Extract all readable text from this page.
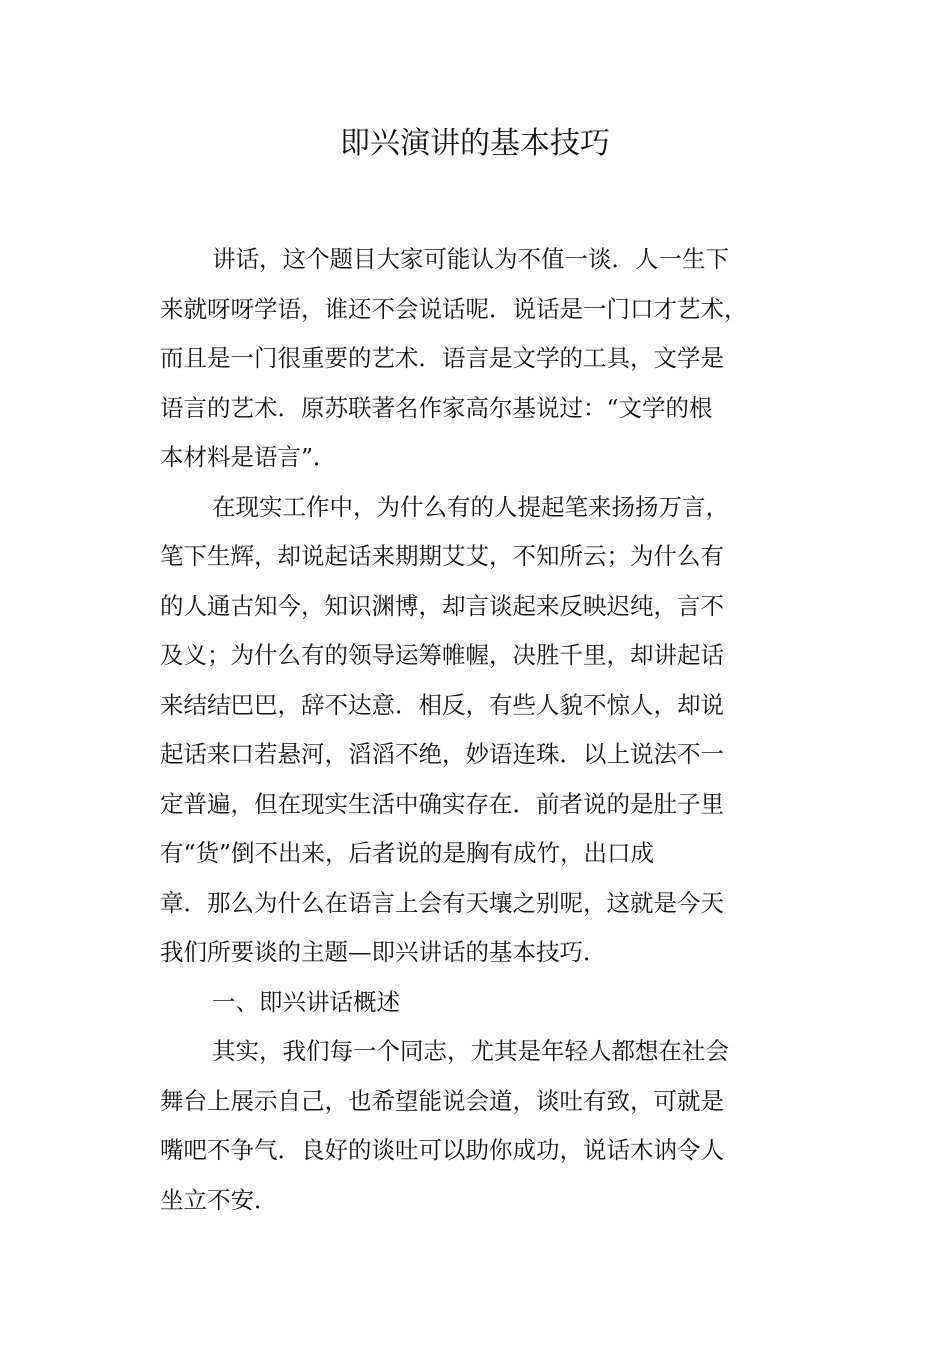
即兴演讲的基本技巧
讲话，这个题目大家可能认为不值一谈．人一生下
来就呀呀学语，谁还不会说话呢．说话是一门口才艺术，
而且是一门很重要的艺术．语言是文学的工具，文学是
语言的艺术．原苏联著名作家高尔基说过：“文学的根
本材料是语言”．
在现实工作中，为什么有的人提起笔来扬扬万言，
笔下生辉，却说起话来期期艾艾，不知所云；为什么有
的人通古知今，知识渊博，却言谈起来反映迟纯，言不
及义；为什么有的领导运筹帷幄，决胜千里，却讲起话
来结结巴巴，辞不达意．相反，有些人貌不惊人，却说
起话来口若悬河，滔滔不绝，妙语连珠．以上说法不一
定普遍，但在现实生活中确实存在．前者说的是肚子里
有“货”倒不出来，后者说的是胸有成竹，出口成
章．那么为什么在语言上会有天壤之别呢，这就是今天
我们所要谈的主题—即兴讲话的基本技巧．
一、即兴讲话概述
其实，我们每一个同志，尤其是年轻人都想在社会
舞台上展示自己，也希望能说会道，谈吐有致，可就是
嘴吧不争气．良好的谈吐可以助你成功，说话木讷令人
坐立不安．
